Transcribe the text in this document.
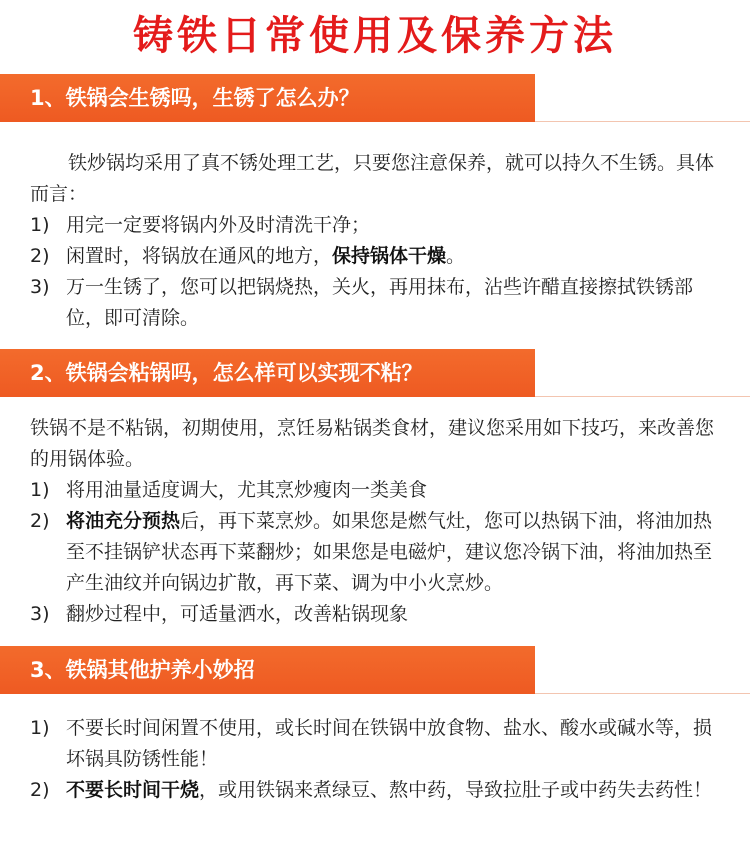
铸铁日常使用及保养方法
1、铁锅会生锈吗，生锈了怎么办？

铁炒锅均采用了真不锈处理工艺，只要您注意保养，就可以持久不生锈。具体而言：

1) 用完一定要将锅内外及时清洗干净；
2) 闲置时，将锅放在通风的地方，保持锅体干燥。
3) 万一生锈了，您可以把锅烧热，关火，再用抹布，沾些许醋直接擦拭铁锈部位，即可清除。
2、铁锅会粘锅吗，怎么样可以实现不粘？

铁锅不是不粘锅，初期使用，烹饪易粘锅类食材，建议您采用如下技巧，来改善您的用锅体验。

1) 将用油量适度调大，尤其烹炒瘦肉一类美食
2) 将油充分预热后，再下菜烹炒。如果您是燃气灶，您可以热锅下油，将油加热至不挂锅铲状态再下菜翻炒；如果您是电磁炉，建议您冷锅下油，将油加热至产生油纹并向锅边扩散，再下菜、调为中小火烹炒。
3) 翻炒过程中，可适量洒水，改善粘锅现象
3、铁锅其他护养小妙招
1) 不要长时间闲置不使用，或长时间在铁锅中放食物、盐水、酸水或碱水等，损坏锅具防锈性能！
2) 不要长时间干烧，或用铁锅来煮绿豆、熬中药，导致拉肚子或中药失去药性！
